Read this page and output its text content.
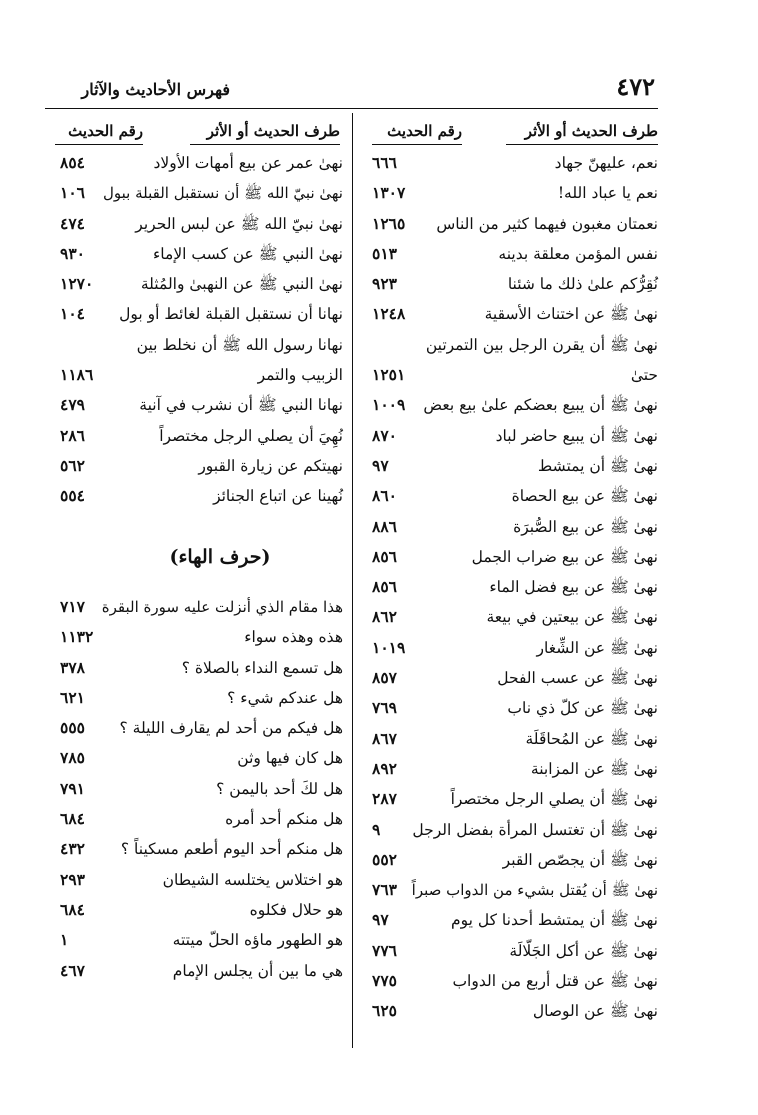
٤٧٢
فهرس الأحاديث والآثار
طرف الحديث أو الأثر
رقم الحديث
طرف الحديث أو الأثر
رقم الحديث
نعم، عليهنّ جهاد
٦٦٦
نعم يا عباد الله!
١٣٠٧
نعمتان مغبون فيهما كثير من الناس
١٢٦٥
نفس المؤمن معلقة بدينه
٥١٣
نُقِرُّكم علىٰ ذلك ما شئنا
٩٢٣
نهىٰ ﷺ عن اختناث الأسقية
١٢٤٨
نهىٰ ﷺ أن يقرن الرجل بين التمرتين
حتىٰ
١٢٥١
نهىٰ ﷺ أن يبيع بعضكم علىٰ بيع بعض
١٠٠٩
نهىٰ ﷺ أن يبيع حاضر لباد
٨٧٠
نهىٰ ﷺ أن يمتشط
٩٧
نهىٰ ﷺ عن بيع الحصاة
٨٦٠
نهىٰ ﷺ عن بيع الصُّبرَة
٨٨٦
نهىٰ ﷺ عن بيع ضراب الجمل
٨٥٦
نهىٰ ﷺ عن بيع فضل الماء
٨٥٦
نهىٰ ﷺ عن بيعتين في بيعة
٨٦٢
نهىٰ ﷺ عن الشِّغار
١٠١٩
نهىٰ ﷺ عن عسب الفحل
٨٥٧
نهىٰ ﷺ عن كلّ ذي ناب
٧٦٩
نهىٰ ﷺ عن المُحاقَلَة
٨٦٧
نهىٰ ﷺ عن المزابنة
٨٩٢
نهىٰ ﷺ أن يصلي الرجل مختصراً
٢٨٧
نهىٰ ﷺ أن تغتسل المرأة بفضل الرجل
٩
نهىٰ ﷺ أن يجصّص القبر
٥٥٢
نهىٰ ﷺ أن يُقتل بشيء من الدواب صبراً
٧٦٣
نهىٰ ﷺ أن يمتشط أحدنا كل يوم
٩٧
نهىٰ ﷺ عن أكل الجَلّالَة
٧٧٦
نهىٰ ﷺ عن قتل أربع من الدواب
٧٧٥
نهىٰ ﷺ عن الوصال
٦٢٥
نهىٰ عمر عن بيع أمهات الأولاد
٨٥٤
نهىٰ نبيّ الله ﷺ أن نستقبل القبلة ببول
١٠٦
نهىٰ نبيّ الله ﷺ عن لبس الحرير
٤٧٤
نهىٰ النبي ﷺ عن كسب الإماء
٩٣٠
نهىٰ النبي ﷺ عن النهبىٰ والمُثلة
١٢٧٠
نهانا أن نستقبل القبلة لغائط أو بول
١٠٤
نهانا رسول الله ﷺ أن نخلط بين
الزبيب والتمر
١١٨٦
نهانا النبي ﷺ أن نشرب في آنية
٤٧٩
نُهِيَ أن يصلي الرجل مختصراً
٢٨٦
نهيتكم عن زيارة القبور
٥٦٢
نُهينا عن اتباع الجنائز
٥٥٤
(حرف الهاء)
هذا مقام الذي أنزلت عليه سورة البقرة
٧١٧
هذه وهذه سواء
١١٣٢
هل تسمع النداء بالصلاة ؟
٣٧٨
هل عندكم شيء ؟
٦٢١
هل فيكم من أحد لم يقارف الليلة ؟
٥٥٥
هل كان فيها وثن
٧٨٥
هل لكَ أحد باليمن ؟
٧٩١
هل منكم أحد أمره
٦٨٤
هل منكم أحد اليوم أطعم مسكيناً ؟
٤٣٢
هو اختلاس يختلسه الشيطان
٢٩٣
هو حلال فكلوه
٦٨٤
هو الطهور ماؤه الحلّ ميتته
١
هي ما بين أن يجلس الإمام
٤٦٧
